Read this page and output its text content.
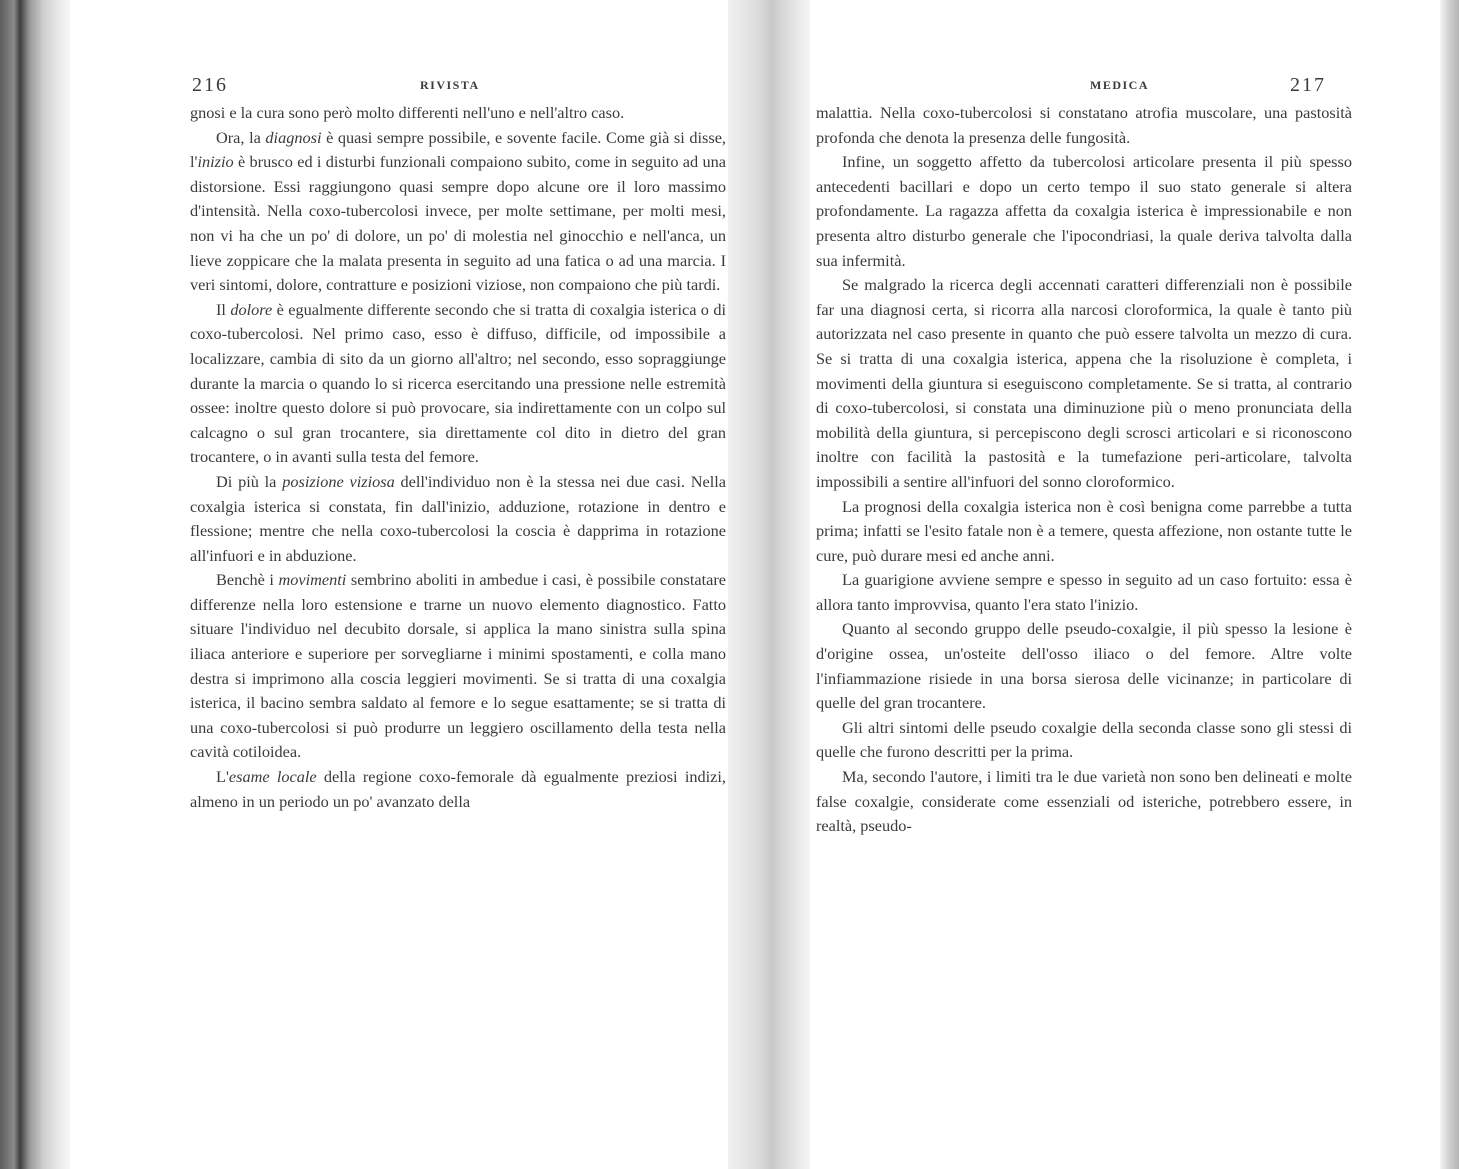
216	RIVISTA

gnosi e la cura sono però molto differenti nell'uno e nell'altro caso.

Ora, la diagnosi è quasi sempre possibile, e sovente facile. Come già si disse, l'inizio è brusco ed i disturbi funzionali compaiono subito, come in seguito ad una distorsione. Essi raggiungono quasi sempre dopo alcune ore il loro massimo d'intensità. Nella coxo-tubercolosi invece, per molte settimane, per molti mesi, non vi ha che un po' di dolore, un po' di molestia nel ginocchio e nell'anca, un lieve zoppicare che la malata presenta in seguito ad una fatica o ad una marcia. I veri sintomi, dolore, contratture e posizioni viziose, non compaiono che più tardi.

Il dolore è egualmente differente secondo che si tratta di coxalgia isterica o di coxo-tubercolosi. Nel primo caso, esso è diffuso, difficile, od impossibile a localizzare, cambia di sito da un giorno all'altro; nel secondo, esso sopraggiunge durante la marcia o quando lo si ricerca esercitando una pressione nelle estremità ossee: inoltre questo dolore si può provocare, sia indirettamente con un colpo sul calcagno o sul gran trocantere, sia direttamente col dito in dietro del gran trocantere, o in avanti sulla testa del femore.

Di più la posizione viziosa dell'individuo non è la stessa nei due casi. Nella coxalgia isterica si constata, fin dall'inizio, adduzione, rotazione in dentro e flessione; mentre che nella coxo-tubercolosi la coscia è dapprima in rotazione all'infuori e in abduzione.

Benchè i movimenti sembrino aboliti in ambedue i casi, è possibile constatare differenze nella loro estensione e trarne un nuovo elemento diagnostico. Fatto situare l'individuo nel decubito dorsale, si applica la mano sinistra sulla spina iliaca anteriore e superiore per sorvegliarne i minimi spostamenti, e colla mano destra si imprimono alla coscia leggieri movimenti. Se si tratta di una coxalgia isterica, il bacino sembra saldato al femore e lo segue esattamente; se si tratta di una coxo-tubercolosi si può produrre un leggiero oscillamento della testa nella cavità cotiloidea.

L'esame locale della regione coxo-femorale dà egualmente preziosi indizi, almeno in un periodo un po' avanzato della

MEDICA	217

malattia. Nella coxo-tubercolosi si constatano atrofia muscolare, una pastosità profonda che denota la presenza delle fungosità.

Infine, un soggetto affetto da tubercolosi articolare presenta il più spesso antecedenti bacillari e dopo un certo tempo il suo stato generale si altera profondamente. La ragazza affetta da coxalgia isterica è impressionabile e non presenta altro disturbo generale che l'ipocondriasi, la quale deriva talvolta dalla sua infermità.

Se malgrado la ricerca degli accennati caratteri differenziali non è possibile far una diagnosi certa, si ricorra alla narcosi cloroformica, la quale è tanto più autorizzata nel caso presente in quanto che può essere talvolta un mezzo di cura. Se si tratta di una coxalgia isterica, appena che la risoluzione è completa, i movimenti della giuntura si eseguiscono completamente. Se si tratta, al contrario di coxo-tubercolosi, si constata una diminuzione più o meno pronunciata della mobilità della giuntura, si percepiscono degli scrosci articolari e si riconoscono inoltre con facilità la pastosità e la tumefazione peri-articolare, talvolta impossibili a sentire all'infuori del sonno cloroformico.

La prognosi della coxalgia isterica non è così benigna come parrebbe a tutta prima; infatti se l'esito fatale non è a temere, questa affezione, non ostante tutte le cure, può durare mesi ed anche anni.

La guarigione avviene sempre e spesso in seguito ad un caso fortuito: essa è allora tanto improvvisa, quanto l'era stato l'inizio.

Quanto al secondo gruppo delle pseudo-coxalgie, il più spesso la lesione è d'origine ossea, un'osteite dell'osso iliaco o del femore. Altre volte l'infiammazione risiede in una borsa sierosa delle vicinanze; in particolare di quelle del gran trocantere.

Gli altri sintomi delle pseudo coxalgie della seconda classe sono gli stessi di quelle che furono descritti per la prima.

Ma, secondo l'autore, i limiti tra le due varietà non sono ben delineati e molte false coxalgie, considerate come essenziali od isteriche, potrebbero essere, in realtà, pseudo-
